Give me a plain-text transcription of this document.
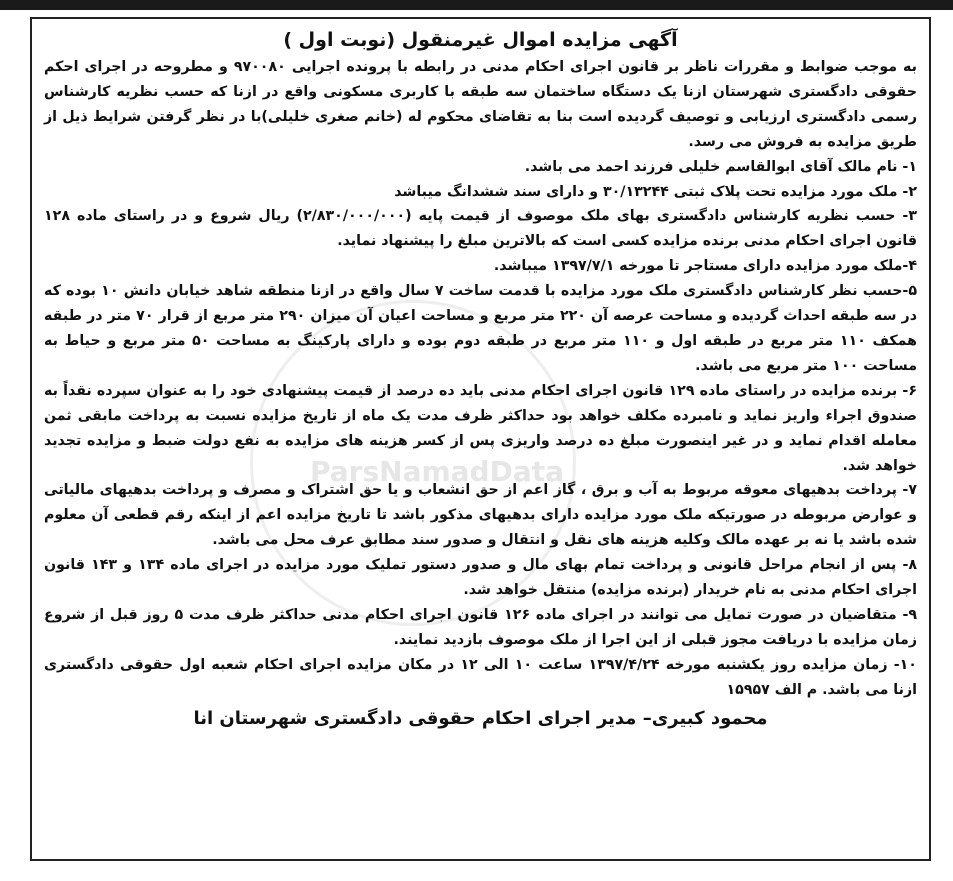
ParsNamadData
آگهی مزایده اموال غیرمنقول (نوبت اول )

به موجب ضوابط و مقررات ناظر بر قانون اجرای احکام مدنی در رابطه با پرونده اجرایی ۹۷۰۰۸۰ و مطروحه در اجرای احکم حقوقی دادگستری شهرستان ازنا یک دستگاه ساختمان سه طبقه با کاربری مسکونی واقع در ازنا که حسب نظریه کارشناس رسمی دادگستری ارزیابی و توصیف گردیده است بنا به تقاضای محکوم له (خانم صغری خلیلی)با در نظر گرفتن شرایط ذیل از طریق مزایده به فروش می رسد.

۱- نام مالک آقای ابوالقاسم خلیلی فرزند احمد می باشد.

۲- ملک مورد مزایده تحت پلاک ثبتی ۳۰/۱۳۲۴۴ و دارای سند ششدانگ میباشد

۳- حسب نظریه کارشناس دادگستری بهای ملک موصوف از قیمت پایه (۲/۸۳۰/۰۰۰/۰۰۰) ریال شروع و در راستای ماده ۱۲۸ قانون اجرای احکام مدنی برنده مزایده کسی است که بالاترین مبلغ را پیشنهاد نماید.

۴-ملک مورد مزایده دارای مستاجر تا مورخه ۱۳۹۷/۷/۱ میباشد.

۵-حسب نظر کارشناس دادگستری ملک مورد مزایده با قدمت ساخت ۷ سال واقع در ازنا منطقه شاهد خیابان دانش ۱۰ بوده که در سه طبقه احداث گردیده و مساحت عرصه آن ۲۲۰ متر مربع و مساحت اعیان آن میزان ۲۹۰ متر مربع از قرار ۷۰ متر در طبقه همکف ۱۱۰ متر مربع در طبقه اول و ۱۱۰ متر مربع در طبقه دوم بوده و دارای پارکینگ به مساحت ۵۰ متر مربع و حیاط به مساحت ۱۰۰ متر مربع می باشد.

۶- برنده مزایده در راستای ماده ۱۲۹ قانون اجرای احکام مدنی باید ده درصد از قیمت پیشنهادی خود را به عنوان سپرده نقداً به صندوق اجراء واریز نماید و نامبرده مکلف خواهد بود حداکثر ظرف مدت یک ماه از تاریخ مزایده نسبت به پرداخت مابقی ثمن معامله اقدام نماید و در غیر اینصورت مبلغ ده درصد واریزی پس از کسر هزینه های مزایده به نفع دولت ضبط و مزایده تجدید خواهد شد.

۷- پرداخت بدهیهای معوقه مربوط به آب و برق ، گاز اعم از حق انشعاب و یا حق اشتراک و مصرف و پرداخت بدهیهای مالیاتی و عوارض مربوطه در صورتیکه ملک مورد مزایده دارای بدهیهای مذکور باشد تا تاریخ مزایده اعم از اینکه رقم قطعی آن معلوم شده باشد یا نه بر عهده مالک وکلیه هزینه های نقل و انتقال و صدور سند مطابق عرف محل می باشد.

۸- پس از انجام مراحل قانونی و پرداخت تمام بهای مال و صدور دستور تملیک مورد مزایده در اجرای ماده ۱۳۴ و ۱۴۳ قانون اجرای احکام مدنی به نام خریدار (برنده مزایده) منتقل خواهد شد.

۹- متقاضیان در صورت تمایل می توانند در اجرای ماده ۱۲۶ قانون اجرای احکام مدنی حداکثر ظرف مدت ۵ روز قبل از شروع زمان مزایده با دریافت مجوز قبلی از این اجرا از ملک موصوف بازدید نمایند.

۱۰- زمان مزایده روز یکشنبه مورخه ۱۳۹۷/۴/۲۴ ساعت ۱۰ الی ۱۲ در مکان مزایده اجرای احکام شعبه اول حقوقی دادگستری ازنا می باشد. م الف ۱۵۹۵۷

محمود کبیری– مدیر اجرای احکام حقوقی دادگستری شهرستان انا
